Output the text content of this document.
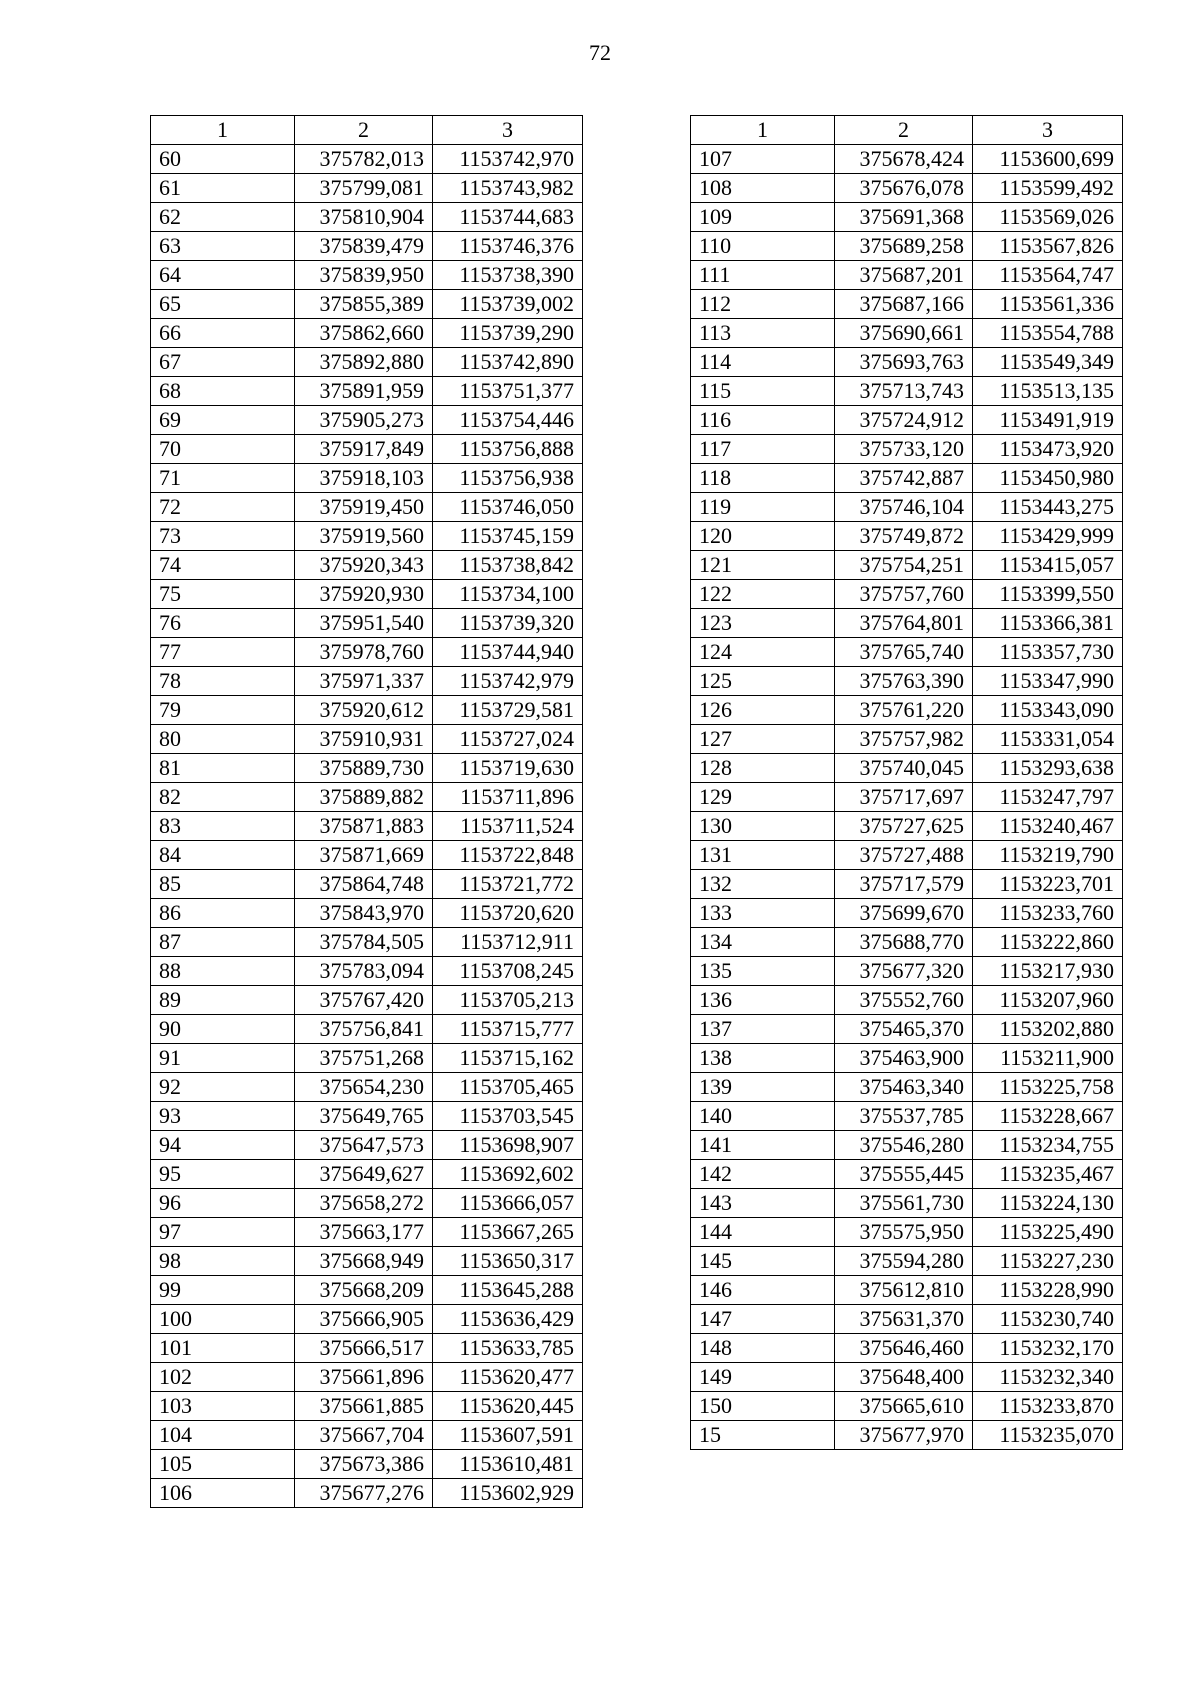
72
1	2	3
60	375782,013	1153742,970
61	375799,081	1153743,982
62	375810,904	1153744,683
63	375839,479	1153746,376
64	375839,950	1153738,390
65	375855,389	1153739,002
66	375862,660	1153739,290
67	375892,880	1153742,890
68	375891,959	1153751,377
69	375905,273	1153754,446
70	375917,849	1153756,888
71	375918,103	1153756,938
72	375919,450	1153746,050
73	375919,560	1153745,159
74	375920,343	1153738,842
75	375920,930	1153734,100
76	375951,540	1153739,320
77	375978,760	1153744,940
78	375971,337	1153742,979
79	375920,612	1153729,581
80	375910,931	1153727,024
81	375889,730	1153719,630
82	375889,882	1153711,896
83	375871,883	1153711,524
84	375871,669	1153722,848
85	375864,748	1153721,772
86	375843,970	1153720,620
87	375784,505	1153712,911
88	375783,094	1153708,245
89	375767,420	1153705,213
90	375756,841	1153715,777
91	375751,268	1153715,162
92	375654,230	1153705,465
93	375649,765	1153703,545
94	375647,573	1153698,907
95	375649,627	1153692,602
96	375658,272	1153666,057
97	375663,177	1153667,265
98	375668,949	1153650,317
99	375668,209	1153645,288
100	375666,905	1153636,429
101	375666,517	1153633,785
102	375661,896	1153620,477
103	375661,885	1153620,445
104	375667,704	1153607,591
105	375673,386	1153610,481
106	375677,276	1153602,929
1	2	3
107	375678,424	1153600,699
108	375676,078	1153599,492
109	375691,368	1153569,026
110	375689,258	1153567,826
111	375687,201	1153564,747
112	375687,166	1153561,336
113	375690,661	1153554,788
114	375693,763	1153549,349
115	375713,743	1153513,135
116	375724,912	1153491,919
117	375733,120	1153473,920
118	375742,887	1153450,980
119	375746,104	1153443,275
120	375749,872	1153429,999
121	375754,251	1153415,057
122	375757,760	1153399,550
123	375764,801	1153366,381
124	375765,740	1153357,730
125	375763,390	1153347,990
126	375761,220	1153343,090
127	375757,982	1153331,054
128	375740,045	1153293,638
129	375717,697	1153247,797
130	375727,625	1153240,467
131	375727,488	1153219,790
132	375717,579	1153223,701
133	375699,670	1153233,760
134	375688,770	1153222,860
135	375677,320	1153217,930
136	375552,760	1153207,960
137	375465,370	1153202,880
138	375463,900	1153211,900
139	375463,340	1153225,758
140	375537,785	1153228,667
141	375546,280	1153234,755
142	375555,445	1153235,467
143	375561,730	1153224,130
144	375575,950	1153225,490
145	375594,280	1153227,230
146	375612,810	1153228,990
147	375631,370	1153230,740
148	375646,460	1153232,170
149	375648,400	1153232,340
150	375665,610	1153233,870
15	375677,970	1153235,070
